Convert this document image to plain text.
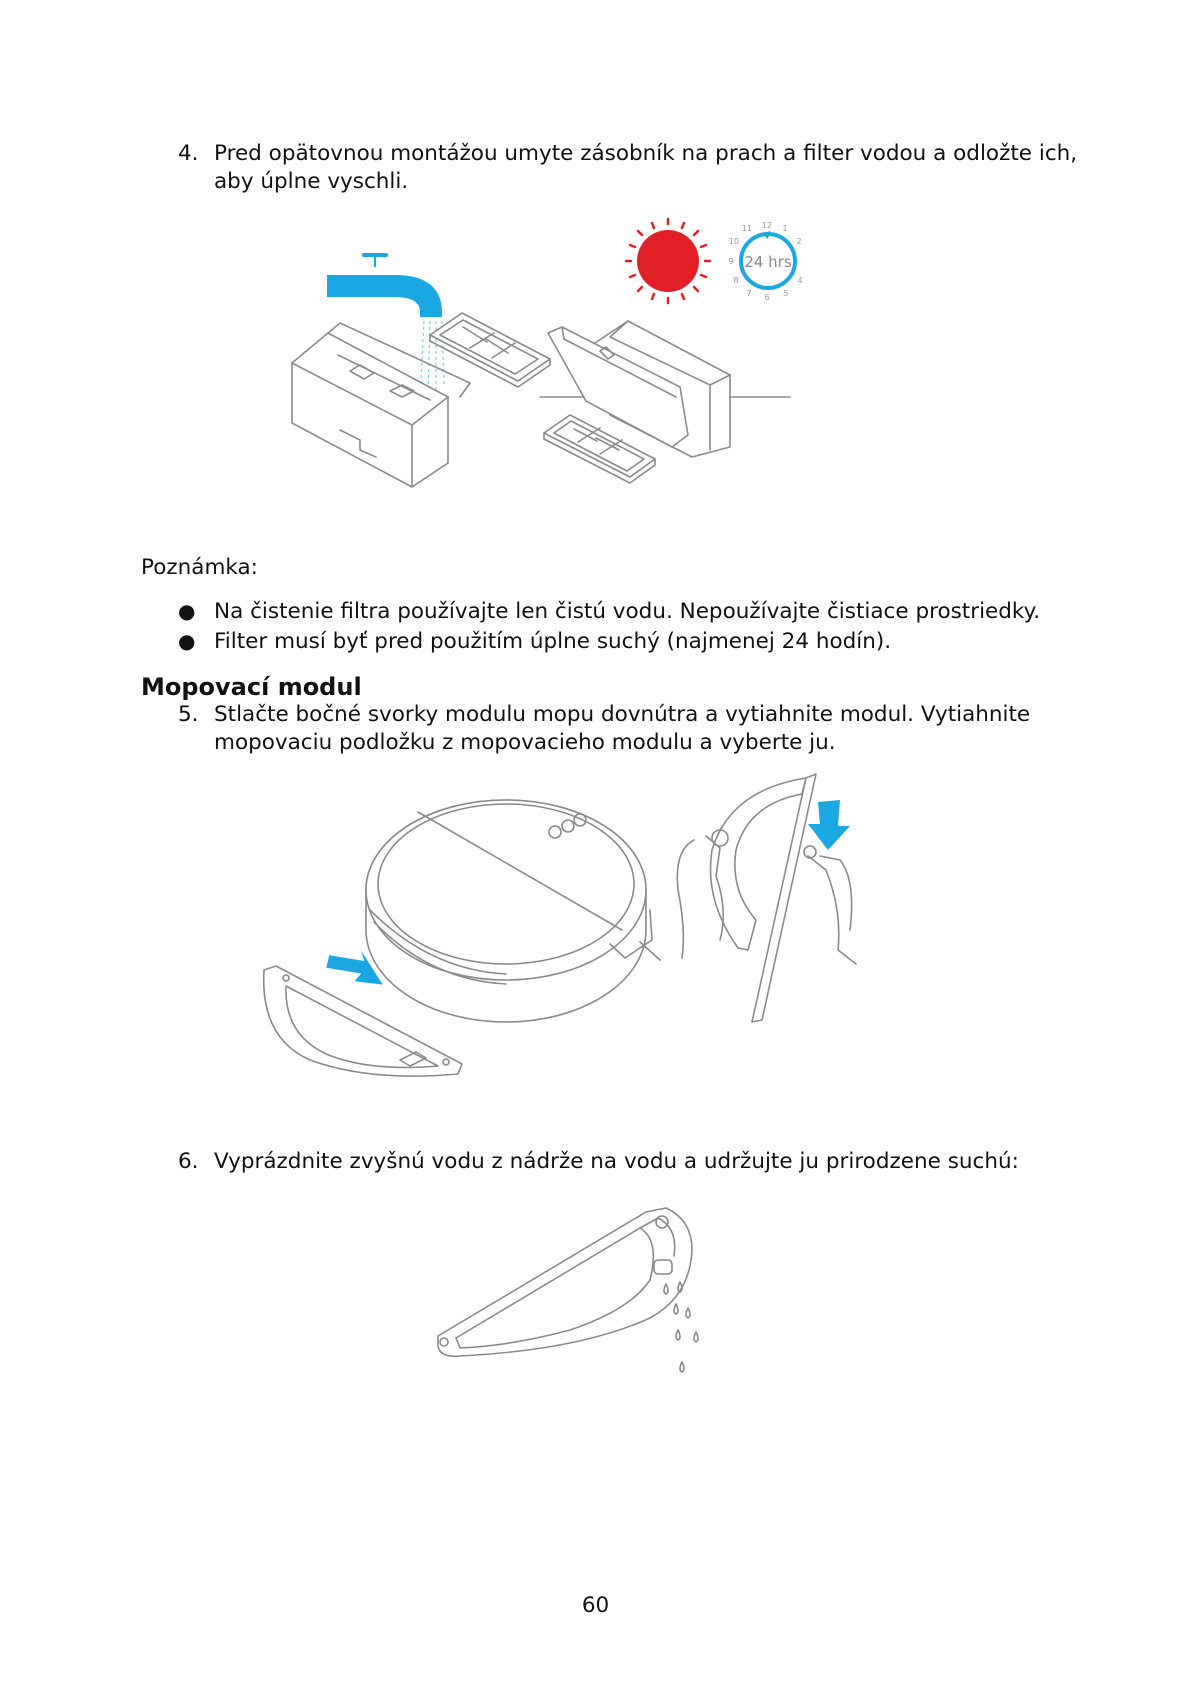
4. Pred opätovnou montážou umyte zásobník na prach a filter vodou a odložte ich,
aby úplne vyschli.
24 hrs
12 1
2
4
5
6
7
8
9
10
11
Poznámka:
● Na čistenie filtra používajte len čistú vodu. Nepoužívajte čistiace prostriedky.
● Filter musí byť pred použitím úplne suchý (najmenej 24 hodín).
Mopovací modul
5. Stlačte bočné svorky modulu mopu dovnútra a vytiahnite modul. Vytiahnite
mopovaciu podložku z mopovacieho modulu a vyberte ju.
6. Vyprázdnite zvyšnú vodu z nádrže na vodu a udržujte ju prirodzene suchú:
60
